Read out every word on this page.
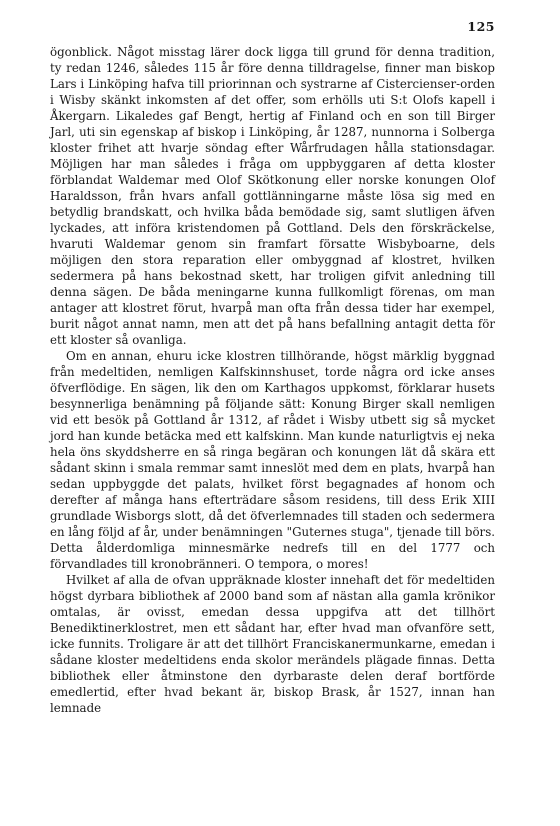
125

ögonblick. Något misstag lärer dock ligga till grund för denna tradition, ty redan 1246, således 115 år före denna tilldragelse, finner man biskop Lars i Linköping hafva till priorinnan och systrarne af Cistercienser-orden i Wisby skänkt inkomsten af det offer, som erhölls uti S:t Olofs kapell i Åkergarn. Likaledes gaf Bengt, hertig af Finland och en son till Birger Jarl, uti sin egenskap af biskop i Linköping, år 1287, nunnorna i Solberga kloster frihet att hvarje söndag efter Wårfrudagen hålla stationsdagar. Möjligen har man således i fråga om uppbyggaren af detta kloster förblandat Waldemar med Olof Skötkonung eller norske konungen Olof Haraldsson, från hvars anfall gottlänningarne måste lösa sig med en betydlig brandskatt, och hvilka båda bemödade sig, samt slutligen äfven lyckades, att införa kristendomen på Gottland. Dels den förskräckelse, hvaruti Waldemar genom sin framfart försatte Wisbyboarne, dels möjligen den stora reparation eller ombyggnad af klostret, hvilken sedermera på hans bekostnad skett, har troligen gifvit anledning till denna sägen. De båda meningarne kunna fullkomligt förenas, om man antager att klostret förut, hvarpå man ofta från dessa tider har exempel, burit något annat namn, men att det på hans befallning antagit detta för ett kloster så ovanliga.

Om en annan, ehuru icke klostren tillhörande, högst märklig byggnad från medeltiden, nemligen Kalfskinnshuset, torde några ord icke anses öfverflödige. En sägen, lik den om Karthagos uppkomst, förklarar husets besynnerliga benämning på följande sätt: Konung Birger skall nemligen vid ett besök på Gottland år 1312, af rådet i Wisby utbett sig så mycket jord han kunde betäcka med ett kalfskinn. Man kunde naturligtvis ej neka hela öns skyddsherre en så ringa begäran och konungen lät då skära ett sådant skinn i smala remmar samt inneslöt med dem en plats, hvarpå han sedan uppbyggde det palats, hvilket först begagnades af honom och derefter af många hans efterträdare såsom residens, till dess Erik XIII grundlade Wisborgs slott, då det öfverlemnades till staden och sedermera en lång följd af år, under benämningen "Guternes stuga", tjenade till börs. Detta ålderdomliga minnesmärke nedrefs till en del 1777 och förvandlades till kronobränneri. O tempora, o mores!

Hvilket af alla de ofvan uppräknade kloster innehaft det för medeltiden högst dyrbara bibliothek af 2000 band som af nästan alla gamla krönikor omtalas, är ovisst, emedan dessa uppgifva att det tillhört Benediktinerklostret, men ett sådant har, efter hvad man ofvanföre sett, icke funnits. Troligare är att det tillhört Franciskanermunkarne, emedan i sådane kloster medeltidens enda skolor merändels plägade finnas. Detta bibliothek eller åtminstone den dyrbaraste delen deraf bortförde emedlertid, efter hvad bekant är, biskop Brask, år 1527, innan han lemnade
